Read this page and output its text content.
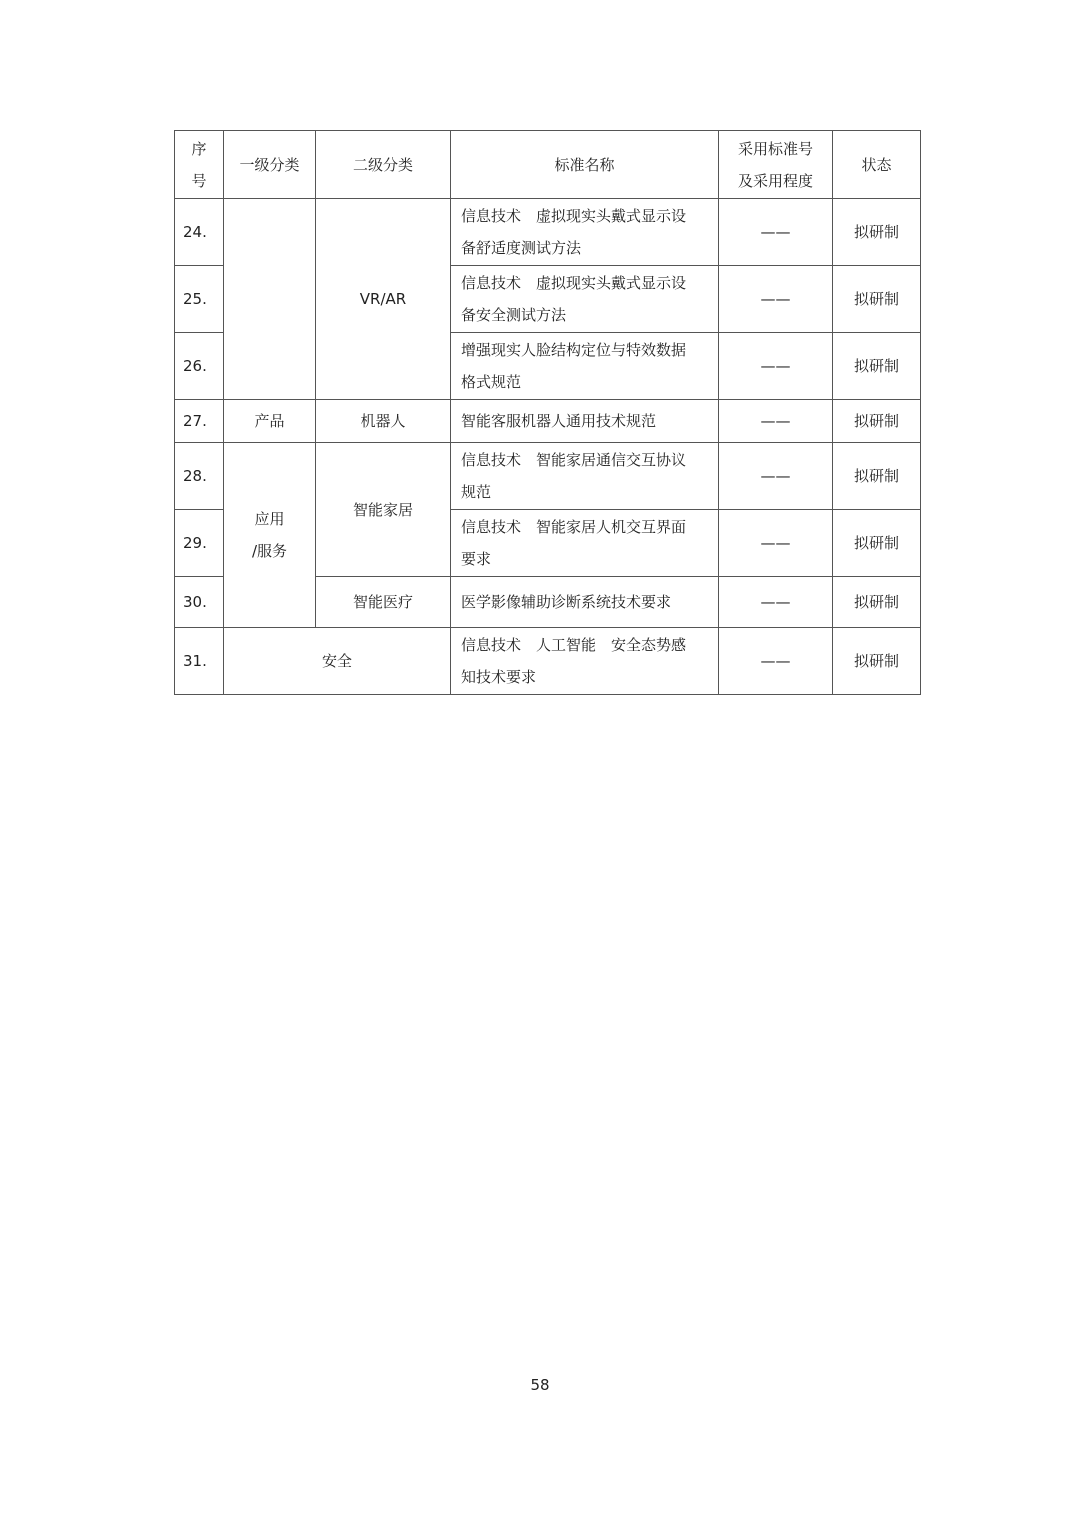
序
号	一级分类	二级分类	标准名称	采用标准号
及采用程度	状态
24.		VR/AR	信息技术　虚拟现实头戴式显示设
备舒适度测试方法	——	拟研制
25.			信息技术　虚拟现实头戴式显示设
备安全测试方法	——	拟研制
26.			增强现实人脸结构定位与特效数据
格式规范	——	拟研制
27.	产品	机器人	智能客服机器人通用技术规范	——	拟研制
28.	应用
/服务	智能家居	信息技术　智能家居通信交互协议
规范	——	拟研制
29.			信息技术　智能家居人机交互界面
要求	——	拟研制
30.		智能医疗	医学影像辅助诊断系统技术要求	——	拟研制
31.	安全		信息技术　人工智能　安全态势感
知技术要求	——	拟研制
58
